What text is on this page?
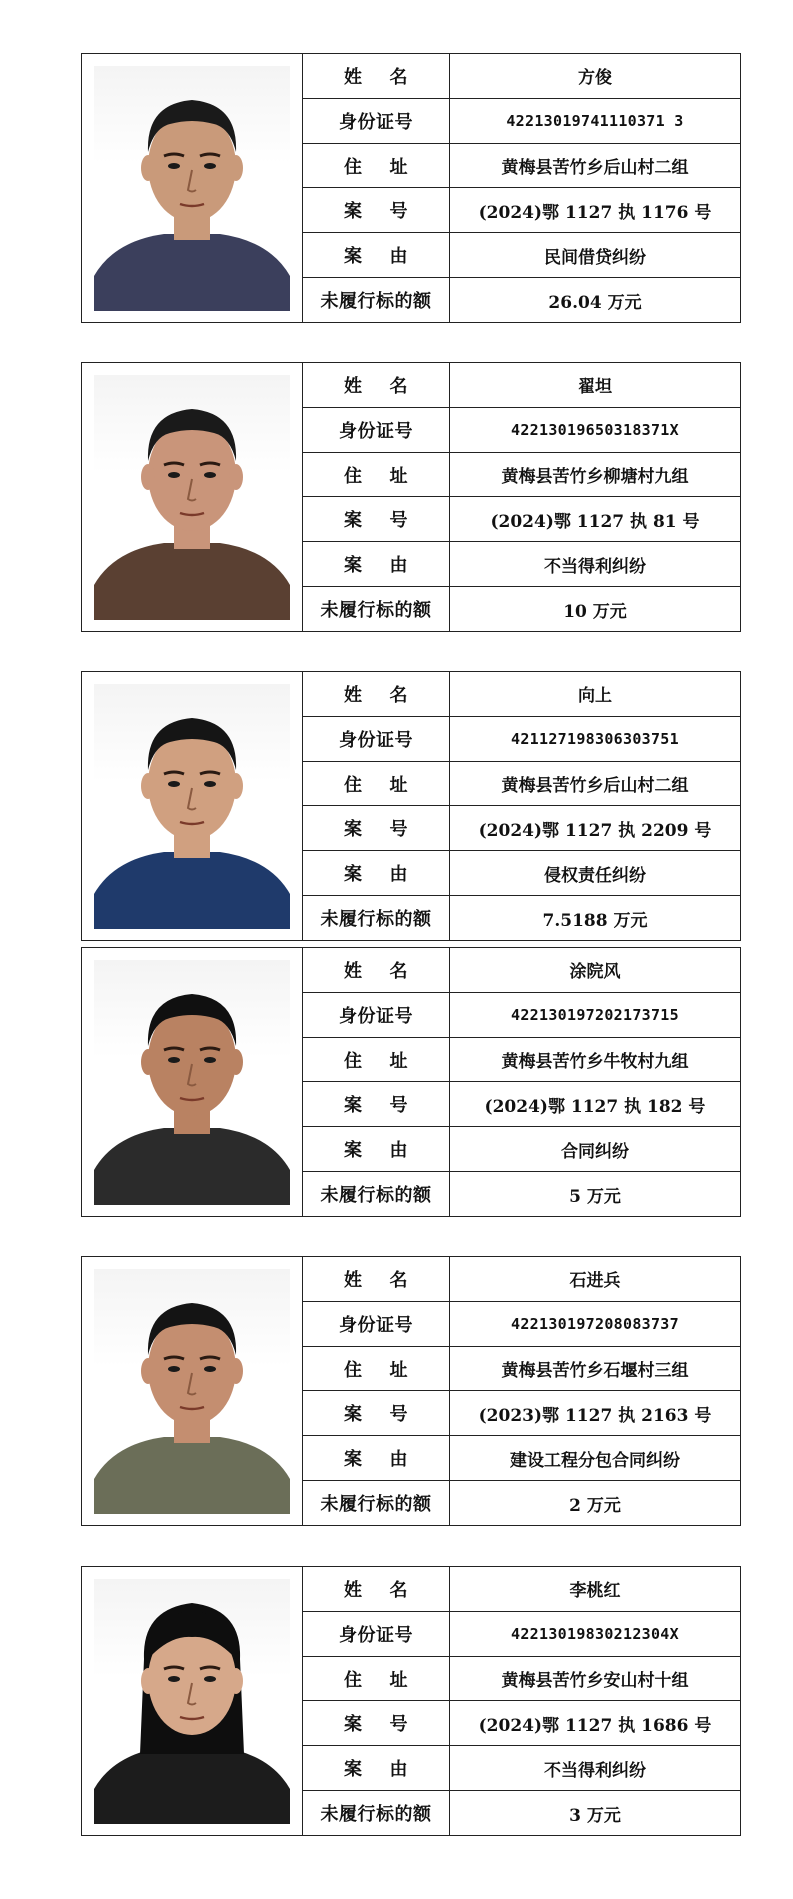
姓    名	方俊
身份证号	42213019741110371 3
住    址	黄梅县苦竹乡后山村二组
案    号	(2024)鄂 1127 执 1176 号
案    由	民间借贷纠纷
未履行标的额	26.04 万元
姓    名	翟坦
身份证号	422130196503183​71X
住    址	黄梅县苦竹乡柳塘村九组
案    号	(2024)鄂 1127 执 81 号
案    由	不当得利纠纷
未履行标的额	10 万元
姓    名	向上
身份证号	421127198306303751
住    址	黄梅县苦竹乡后山村二组
案    号	(2024)鄂 1127 执 2209 号
案    由	侵权责任纠纷
未履行标的额	7.5188 万元
姓    名	涂院风
身份证号	422130197202173715
住    址	黄梅县苦竹乡牛牧村九组
案    号	(2024)鄂 1127 执 182 号
案    由	合同纠纷
未履行标的额	5 万元
姓    名	石进兵
身份证号	422130197208083737
住    址	黄梅县苦竹乡石堰村三组
案    号	(2023)鄂 1127 执 2163 号
案    由	建设工程分包合同纠纷
未履行标的额	2 万元
姓    名	李桃红
身份证号	42213019830212304X
住    址	黄梅县苦竹乡安山村十组
案    号	(2024)鄂 1127 执 1686 号
案    由	不当得利纠纷
未履行标的额	3 万元
